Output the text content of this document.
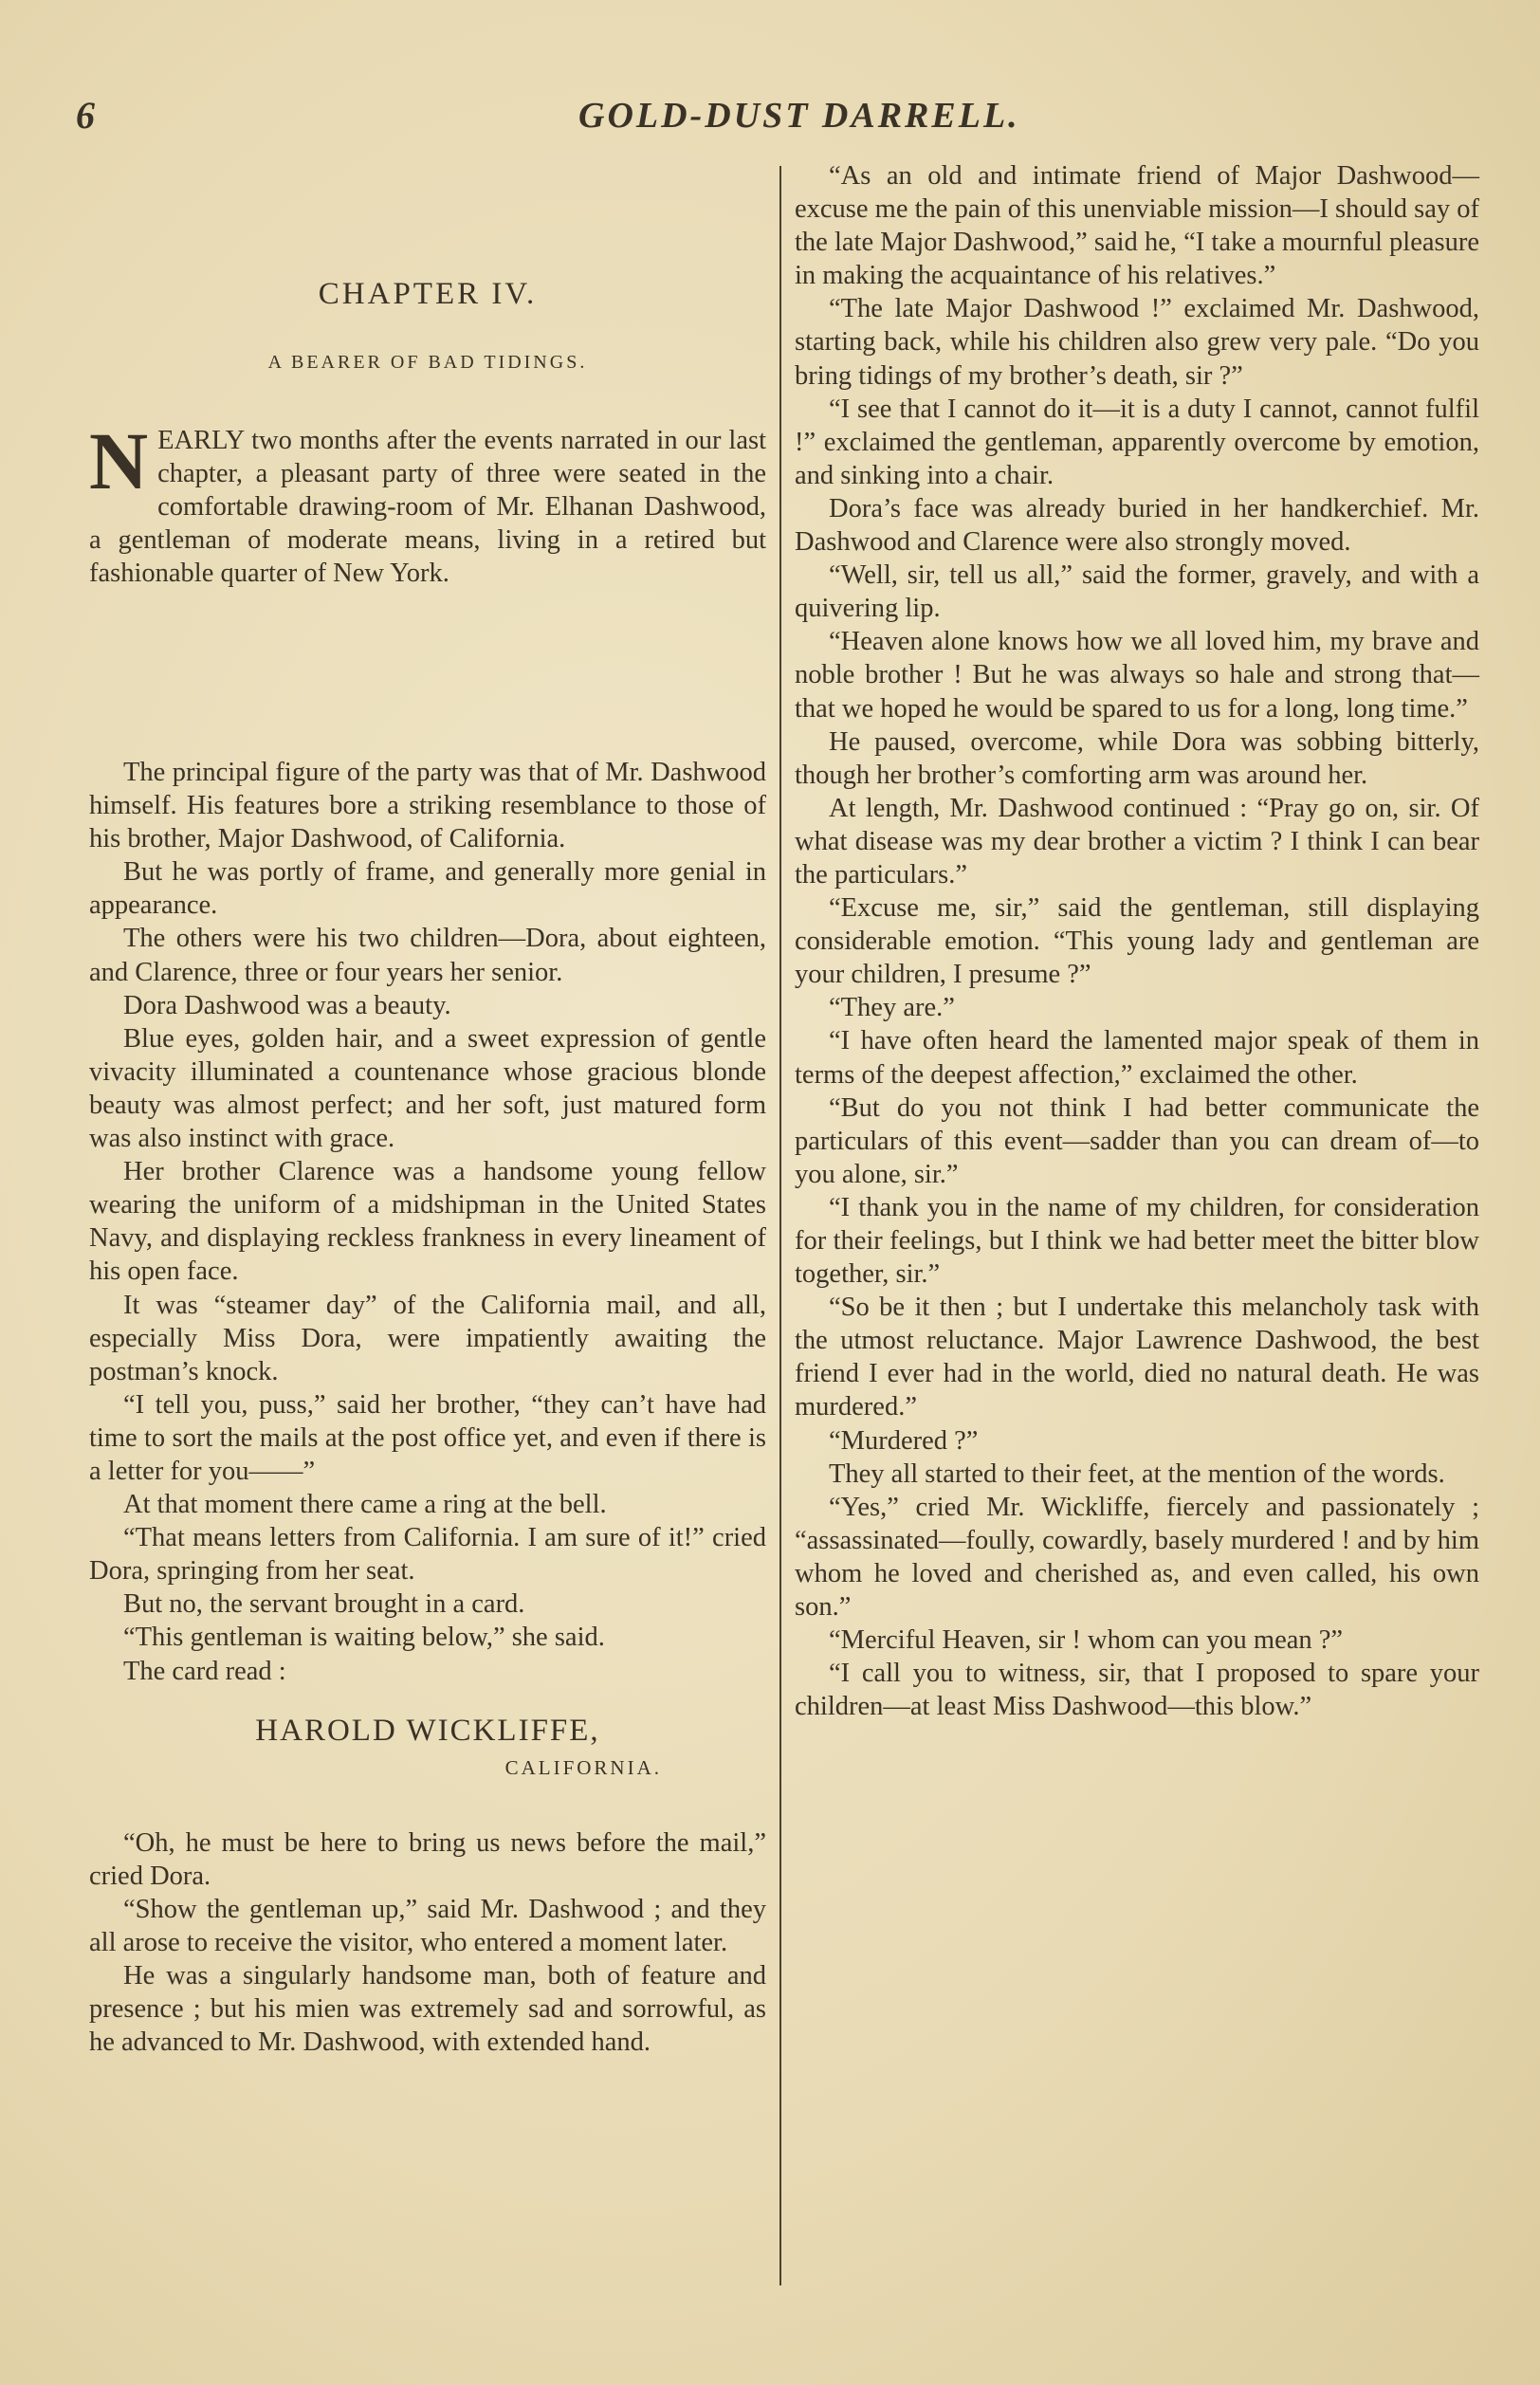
6	GOLD-DUST DARRELL.
CHAPTER IV.
A BEARER OF BAD TIDINGS.
NEARLY two months after the events narrated in our last chapter, a pleasant party of three were seated in the comfortable drawing-room of Mr. Elhanan Dashwood, a gentleman of moderate means, living in a retired but fashionable quarter of New York.

The principal figure of the party was that of Mr. Dashwood himself. His features bore a striking resemblance to those of his brother, Major Dashwood, of California.

But he was portly of frame, and generally more genial in appearance.

The others were his two children—Dora, about eighteen, and Clarence, three or four years her senior.

Dora Dashwood was a beauty.

Blue eyes, golden hair, and a sweet expression of gentle vivacity illuminated a countenance whose gracious blonde beauty was almost perfect; and her soft, just matured form was also instinct with grace.

Her brother Clarence was a handsome young fellow wearing the uniform of a midshipman in the United States Navy, and displaying reckless frankness in every lineament of his open face.

It was “steamer day” of the California mail, and all, especially Miss Dora, were impatiently awaiting the postman’s knock.

“I tell you, puss,” said her brother, “they can’t have had time to sort the mails at the post office yet, and even if there is a letter for you——”

At that moment there came a ring at the bell.

“That means letters from California. I am sure of it!” cried Dora, springing from her seat.

But no, the servant brought in a card.

“This gentleman is waiting below,” she said.

The card read :

HAROLD WICKLIFFE,
CALIFORNIA.

“Oh, he must be here to bring us news before the mail,” cried Dora.

“Show the gentleman up,” said Mr. Dashwood ; and they all arose to receive the visitor, who entered a moment later.

He was a singularly handsome man, both of feature and presence ; but his mien was extremely sad and sorrowful, as he advanced to Mr. Dashwood, with extended hand.

“As an old and intimate friend of Major Dashwood—excuse me the pain of this unenviable mission—I should say of the late Major Dashwood,” said he, “I take a mournful pleasure in making the acquaintance of his relatives.”

“The late Major Dashwood !” exclaimed Mr. Dashwood, starting back, while his children also grew very pale. “Do you bring tidings of my brother’s death, sir ?”

“I see that I cannot do it—it is a duty I cannot, cannot fulfil !” exclaimed the gentleman, apparently overcome by emotion, and sinking into a chair.

Dora’s face was already buried in her handkerchief. Mr. Dashwood and Clarence were also strongly moved.

“Well, sir, tell us all,” said the former, gravely, and with a quivering lip.

“Heaven alone knows how we all loved him, my brave and noble brother ! But he was always so hale and strong that—that we hoped he would be spared to us for a long, long time.”

He paused, overcome, while Dora was sobbing bitterly, though her brother’s comforting arm was around her.

At length, Mr. Dashwood continued : “Pray go on, sir. Of what disease was my dear brother a victim ? I think I can bear the particulars.”

“Excuse me, sir,” said the gentleman, still displaying considerable emotion. “This young lady and gentleman are your children, I presume ?”

“They are.”

“I have often heard the lamented major speak of them in terms of the deepest affection,” exclaimed the other.

“But do you not think I had better communicate the particulars of this event—sadder than you can dream of—to you alone, sir.”

“I thank you in the name of my children, for consideration for their feelings, but I think we had better meet the bitter blow together, sir.”

“So be it then ; but I undertake this melancholy task with the utmost reluctance. Major Lawrence Dashwood, the best friend I ever had in the world, died no natural death. He was murdered.”

“Murdered ?”

They all started to their feet, at the mention of the words.

“Yes,” cried Mr. Wickliffe, fiercely and passionately ; “assassinated—foully, cowardly, basely murdered ! and by him whom he loved and cherished as, and even called, his own son.”

“Merciful Heaven, sir ! whom can you mean ?”

“I call you to witness, sir, that I proposed to spare your children—at least Miss Dashwood—this blow.”
